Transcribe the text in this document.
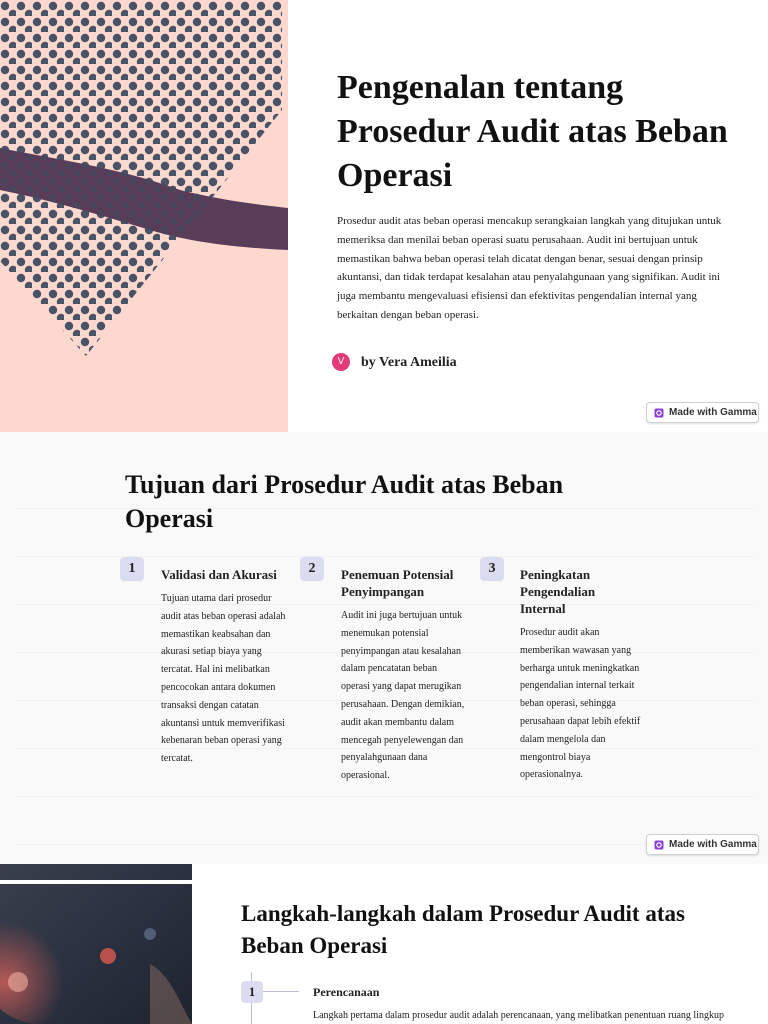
Pengenalan tentang Prosedur Audit atas Beban Operasi

Prosedur audit atas beban operasi mencakup serangkaian langkah yang ditujukan untuk memeriksa dan menilai beban operasi suatu perusahaan. Audit ini bertujuan untuk memastikan bahwa beban operasi telah dicatat dengan benar, sesuai dengan prinsip akuntansi, dan tidak terdapat kesalahan atau penyalahgunaan yang signifikan. Audit ini juga membantu mengevaluasi efisiensi dan efektivitas pengendalian internal yang berkaitan dengan beban operasi.

V	by Vera Ameilia
Made with Gamma
Tujuan dari Prosedur Audit atas Beban Operasi
1	Validasi dan Akurasi

Tujuan utama dari prosedur audit atas beban operasi adalah memastikan keabsahan dan akurasi setiap biaya yang tercatat. Hal ini melibatkan pencocokan antara dokumen transaksi dengan catatan akuntansi untuk memverifikasi kebenaran beban operasi yang tercatat.

2	Penemuan Potensial Penyimpangan

Audit ini juga bertujuan untuk menemukan potensial penyimpangan atau kesalahan dalam pencatatan beban operasi yang dapat merugikan perusahaan. Dengan demikian, audit akan membantu dalam mencegah penyelewengan dan penyalahgunaan dana operasional.

3	Peningkatan Pengendalian Internal

Prosedur audit akan memberikan wawasan yang berharga untuk meningkatkan pengendalian internal terkait beban operasi, sehingga perusahaan dapat lebih efektif dalam mengelola dan mengontrol biaya operasionalnya.

Made with Gamma
Langkah-langkah dalam Prosedur Audit atas Beban Operasi
1	Perencanaan

Langkah pertama dalam prosedur audit adalah perencanaan, yang melibatkan penentuan ruang lingkup
